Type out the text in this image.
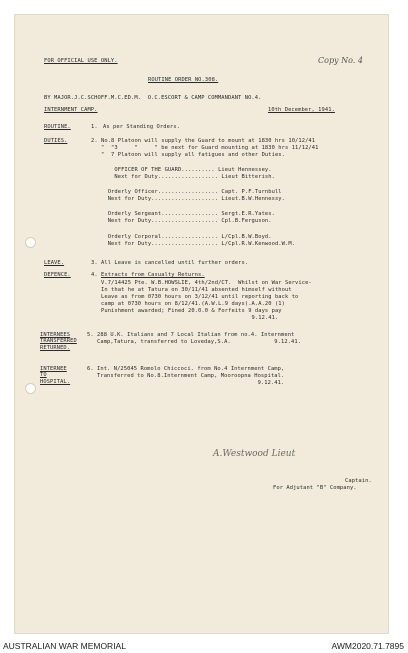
FOR OFFICIAL USE ONLY.	Copy No. 4
ROUTINE ORDER NO.308.
BY MAJOR.J.C.SCHOFF.M.C.ED.M.  O.C.ESCORT & CAMP COMMANDANT NO.4.
INTERNMENT CAMP.	10th December, 1941.
ROUTINE.	1. As per Standing Orders.
DUTIES.	2. No.8 Platoon will supply the Guard to mount at 1830 hrs 10/12/41
"  "3     "     " be next for Guard mounting at 1830 hrs 11/12/41
"  7 Platoon will supply all fatigues and other Duties.
OFFICER OF THE GUARD.......... Lieut Hennessey.
Next for Duty.................. Lieut Bitterish.
Orderly Officer.................. Capt. P.F.Turnbull
Next for Duty.................... Lieut.B.W.Hennessy.
Orderly Sergeant................. Sergt.E.R.Yates.
Next for Duty.................... Cpl.B.Ferguson.
Orderly Corporal................. L/Cpl.B.W.Boyd.
Next for Duty.................... L/Cpl.R.W.Kenwood.W.M.
LEAVE.	3. All Leave is cancelled until further orders.
DEFENCE.	4. Extracts from Casualty Returns.
V.7/14425 Pte. W.B.HOWSLIE, 4th/2nd/CT.  Whilst on War Service-
In that he at Tatura on 30/11/41 absented himself without
Leave as from 0730 hours on 3/12/41 until reporting back to
camp at 0730 hours on 8/12/41.(A.W.L.9 days).A.A.20 (1)
Punishment awarded; Fined 20.0.0 & Forfeits 9 days pay
9.12.41.
INTERNEES
TRANSFERRED
RETURNED.
5. 288 U.K. Italians and 7 Local Italian from no.4. Internment
Camp,Tatura, transferred to Loveday,S.A.             9.12.41.
INTERNEE
TO
HOSPITAL.
6. Int. N/25045 Romolo Chiccoci. from No.4 Internment Camp,
Transferred to No.8.Internment Camp, Mooroopna Hospital.
9.12.41.
A.Westwood Lieut
Captain.
For Adjutant "B" Company.
AUSTRALIAN WAR MEMORIAL	AWM2020.71.7895
